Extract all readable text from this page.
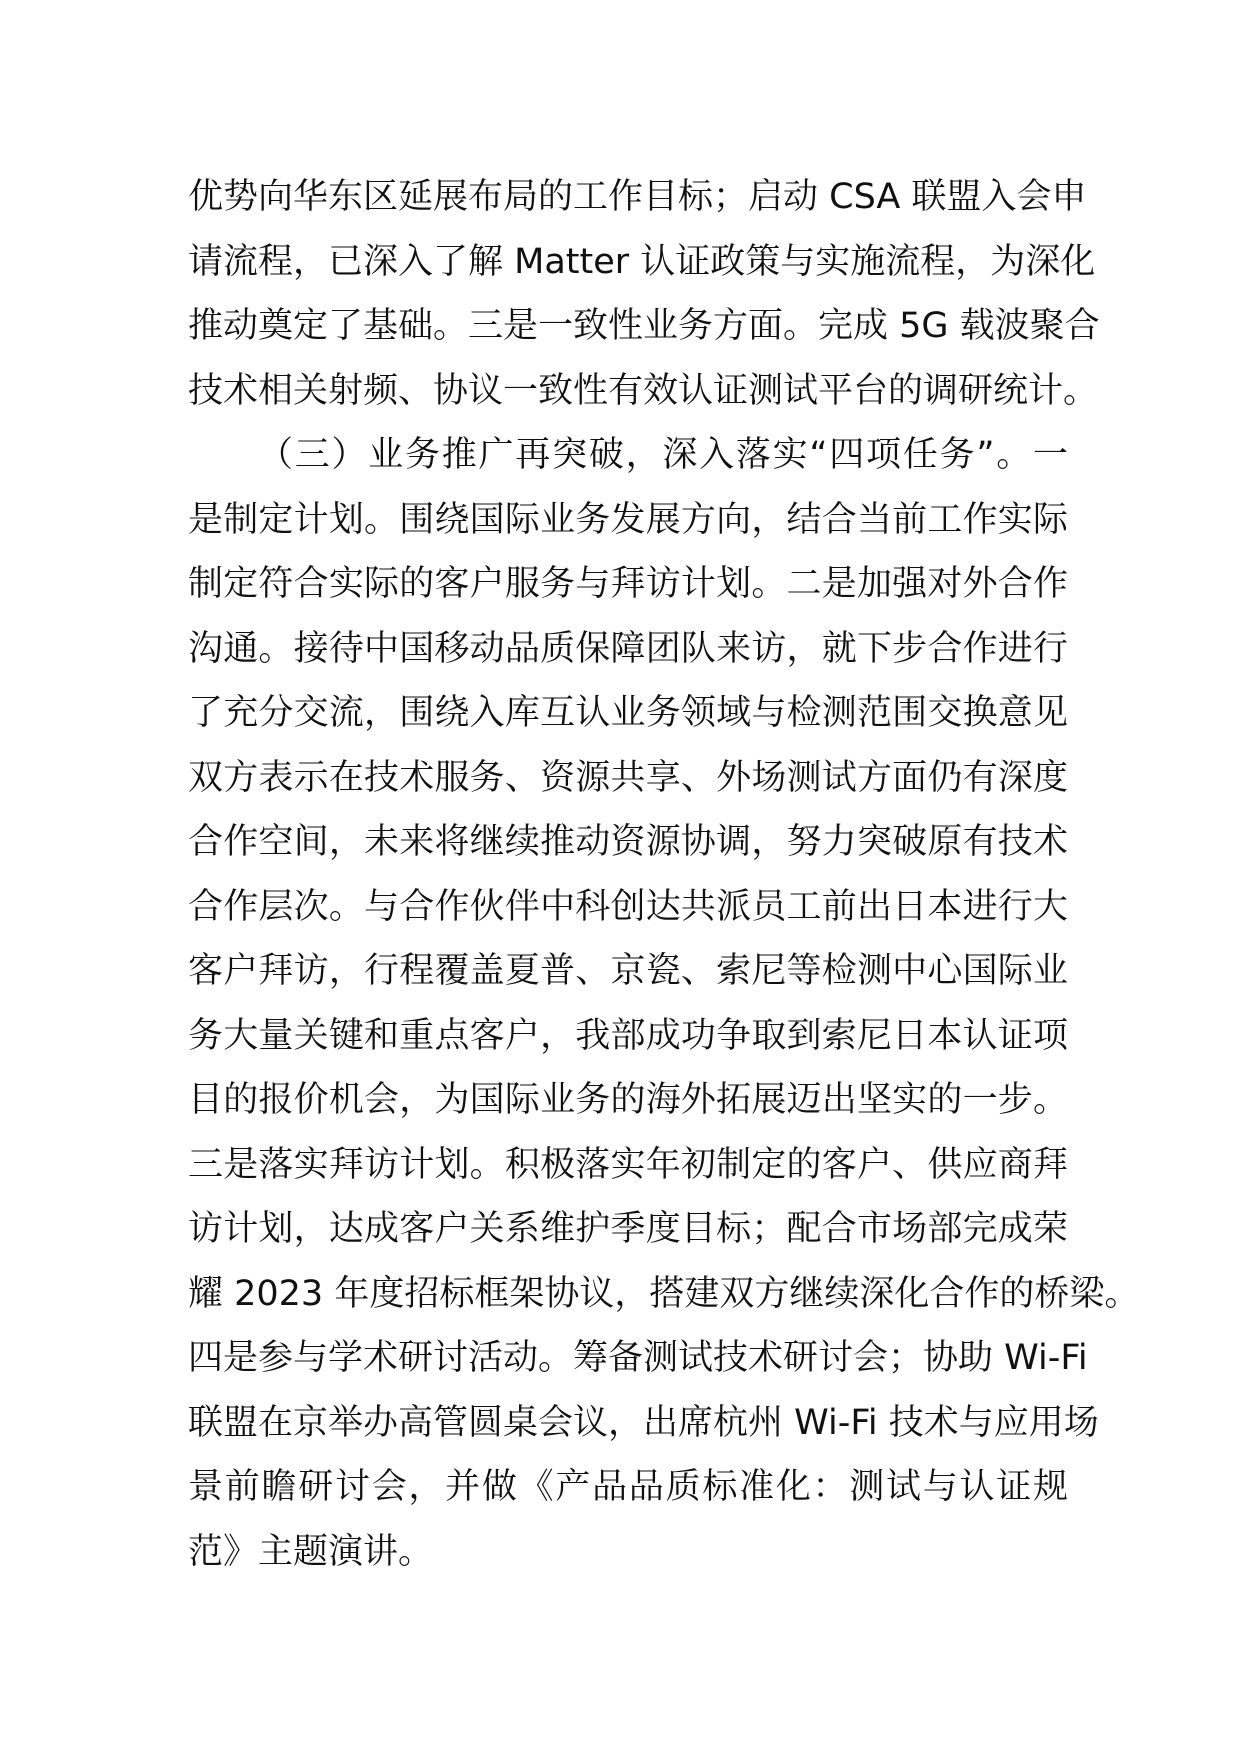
优势向华东区延展布局的工作目标；启动 CSA 联盟入会申
请流程，已深入了解 Matter 认证政策与实施流程，为深化
推动奠定了基础。三是一致性业务方面。完成 5G 载波聚合
技术相关射频、协议一致性有效认证测试平台的调研统计。
（三）业务推广再突破，深入落实“四项任务”。一
是制定计划。围绕国际业务发展方向，结合当前工作实际
制定符合实际的客户服务与拜访计划。二是加强对外合作
沟通。接待中国移动品质保障团队来访，就下步合作进行
了充分交流，围绕入库互认业务领域与检测范围交换意见
双方表示在技术服务、资源共享、外场测试方面仍有深度
合作空间，未来将继续推动资源协调，努力突破原有技术
合作层次。与合作伙伴中科创达共派员工前出日本进行大
客户拜访，行程覆盖夏普、京瓷、索尼等检测中心国际业
务大量关键和重点客户，我部成功争取到索尼日本认证项
目的报价机会，为国际业务的海外拓展迈出坚实的一步。
三是落实拜访计划。积极落实年初制定的客户、供应商拜
访计划，达成客户关系维护季度目标；配合市场部完成荣
耀 2023 年度招标框架协议，搭建双方继续深化合作的桥梁。
四是参与学术研讨活动。筹备测试技术研讨会；协助 Wi-Fi
联盟在京举办高管圆桌会议，出席杭州 Wi-Fi 技术与应用场
景前瞻研讨会，并做《产品品质标准化：测试与认证规
范》主题演讲。
